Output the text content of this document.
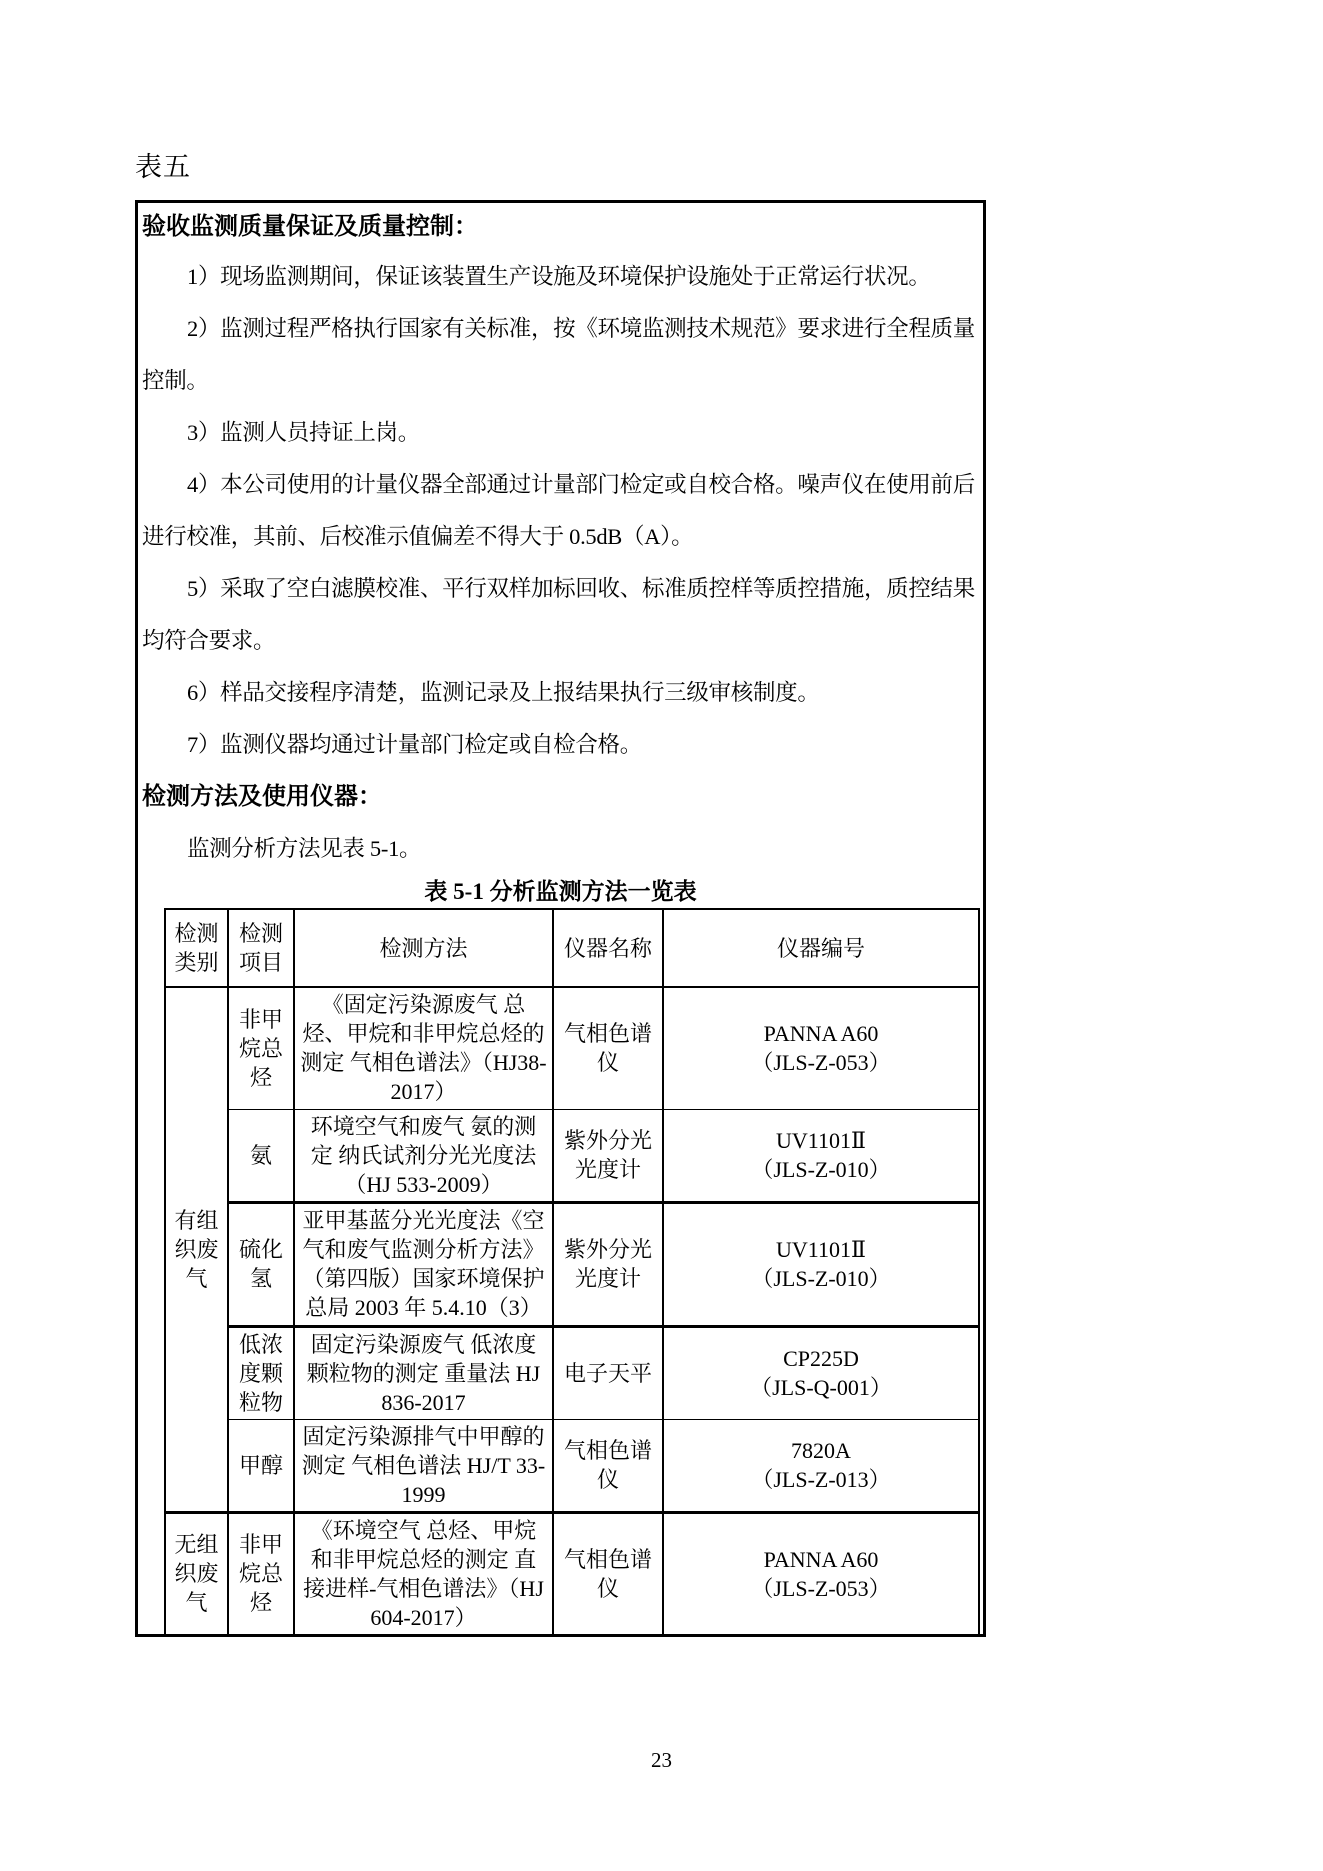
表五
验收监测质量保证及质量控制：

1）现场监测期间，保证该装置生产设施及环境保护设施处于正常运行状况。

2）监测过程严格执行国家有关标准，按《环境监测技术规范》要求进行全程质量控制。

3）监测人员持证上岗。

4）本公司使用的计量仪器全部通过计量部门检定或自校合格。噪声仪在使用前后进行校准，其前、后校准示值偏差不得大于 0.5dB（A）。

5）采取了空白滤膜校准、平行双样加标回收、标准质控样等质控措施，质控结果均符合要求。

6）样品交接程序清楚，监测记录及上报结果执行三级审核制度。

7）监测仪器均通过计量部门检定或自检合格。

检测方法及使用仪器：

监测分析方法见表 5-1。

表 5-1 分析监测方法一览表
检测类别	检测项目	检测方法	仪器名称	仪器编号
有组织废气	非甲烷总烃	《固定污染源废气 总烃、甲烷和非甲烷总烃的测定 气相色谱法》（HJ38-2017）	气相色谱仪	PANNA A60
（JLS-Z-053）

	氨	环境空气和废气 氨的测定 纳氏试剂分光光度法（HJ 533-2009）	紫外分光光度计	UV1101Ⅱ
（JLS-Z-010）

	硫化氢	亚甲基蓝分光光度法《空气和废气监测分析方法》（第四版）国家环境保护总局 2003 年 5.4.10（3）	紫外分光光度计	UV1101Ⅱ
（JLS-Z-010）

	低浓度颗粒物	固定污染源废气 低浓度颗粒物的测定 重量法 HJ 836-2017	电子天平	CP225D
（JLS-Q-001）

	甲醇	固定污染源排气中甲醇的测定 气相色谱法 HJ/T 33-1999	气相色谱仪	7820A
（JLS-Z-013）

无组织废气	非甲烷总烃	《环境空气 总烃、甲烷和非甲烷总烃的测定 直接进样-气相色谱法》（HJ 604-2017）	气相色谱仪	PANNA A60
（JLS-Z-053）
23
